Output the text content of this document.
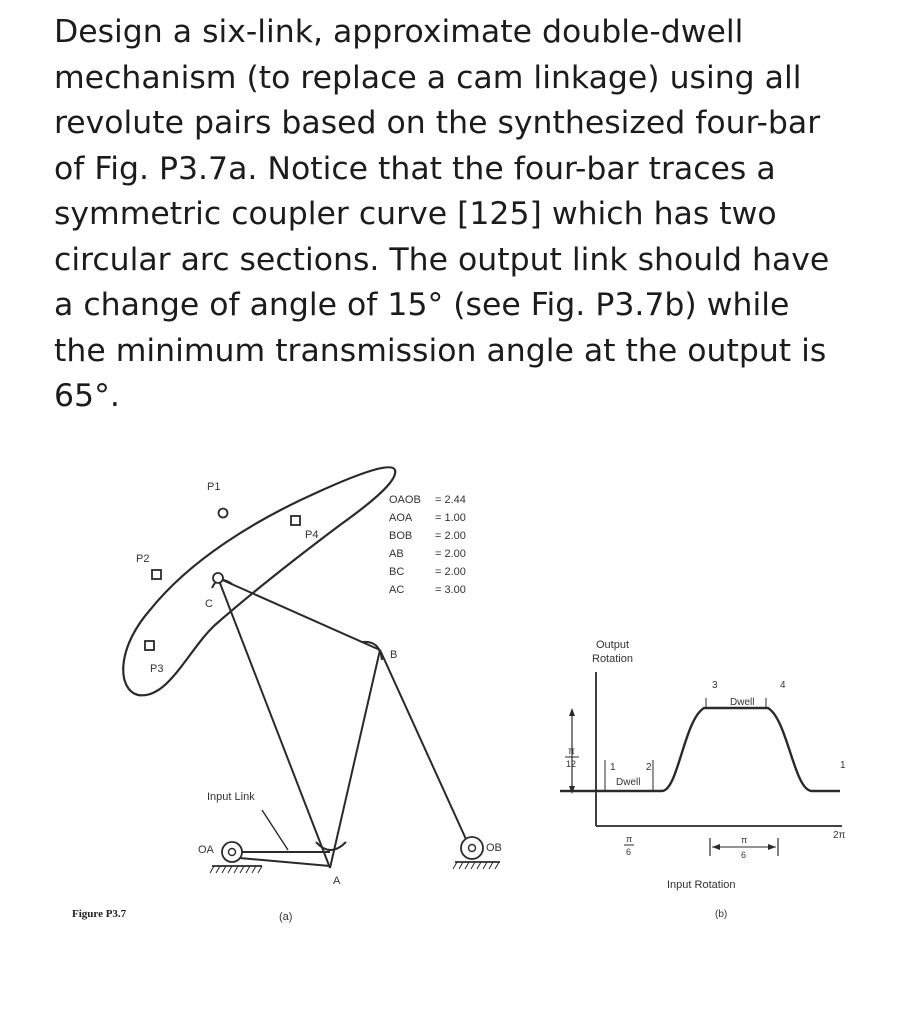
Design a six-link, approximate double-dwell
mechanism (to replace a cam linkage) using all
revolute pairs based on the synthesized four-bar
of Fig. P3.7a. Notice that the four-bar traces a
symmetric coupler curve [125] which has two
circular arc sections. The output link should have
a change of angle of 15° (see Fig. P3.7b) while
the minimum transmission angle at the output is
65°.
P1
P2
P3
P4
C
B
A
OA	OB
Input Link
OAOB = 2.44
AOA = 1.00
BOB = 2.00
AB	= 2.00
BC	= 2.00
AC	= 3.00
(a)
Output
Rotation
π
12	1	2
3	4
1
Dwell
Dwell
π
6
π
6
2π
Input Rotation
(b)
Figure P3.7
